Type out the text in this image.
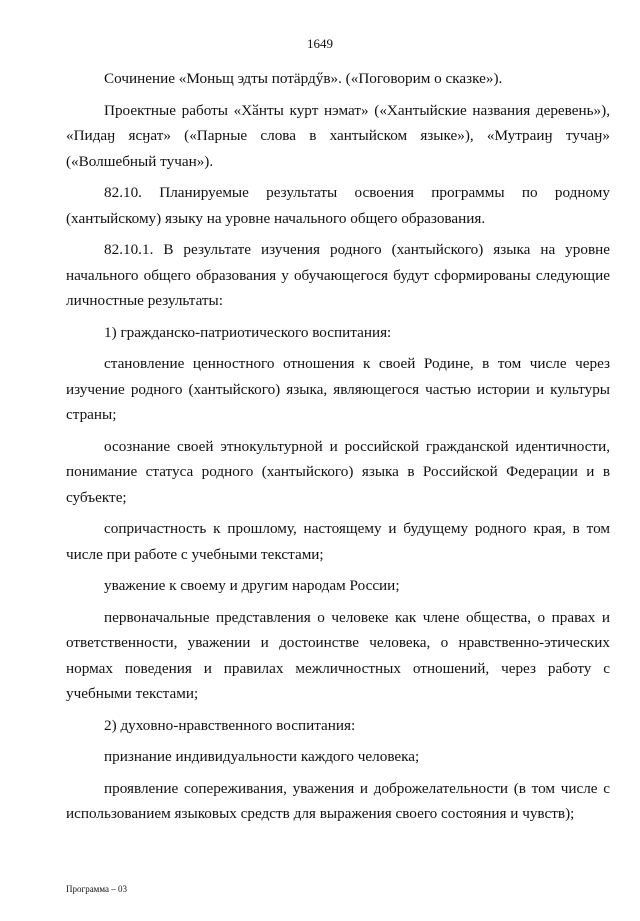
1649

Сочинение «Моньщ эдты потӓрдӳв». («Поговорим о сказке»).

Проектные работы «Хӑнты курт нэмат» («Хантыйские названия деревень»), «Пидаӈ ясӈат» («Парные слова в хантыйском языке»), «Мутраиӈ тучаӈ» («Волшебный тучан»).

82.10. Планируемые результаты освоения программы по родному (хантыйскому) языку на уровне начального общего образования.

82.10.1. В результате изучения родного (хантыйского) языка на уровне начального общего образования у обучающегося будут сформированы следующие личностные результаты:

1) гражданско-патриотического воспитания:

становление ценностного отношения к своей Родине, в том числе через изучение родного (хантыйского) языка, являющегося частью истории и культуры страны;

осознание своей этнокультурной и российской гражданской идентичности, понимание статуса родного (хантыйского) языка в Российской Федерации и в субъекте;

сопричастность к прошлому, настоящему и будущему родного края, в том числе при работе с учебными текстами;

уважение к своему и другим народам России;

первоначальные представления о человеке как члене общества, о правах и ответственности, уважении и достоинстве человека, о нравственно-этических нормах поведения и правилах межличностных отношений, через работу с учебными текстами;

2) духовно-нравственного воспитания:

признание индивидуальности каждого человека;

проявление сопереживания, уважения и доброжелательности (в том числе с использованием языковых средств для выражения своего состояния и чувств);

Программа – 03
